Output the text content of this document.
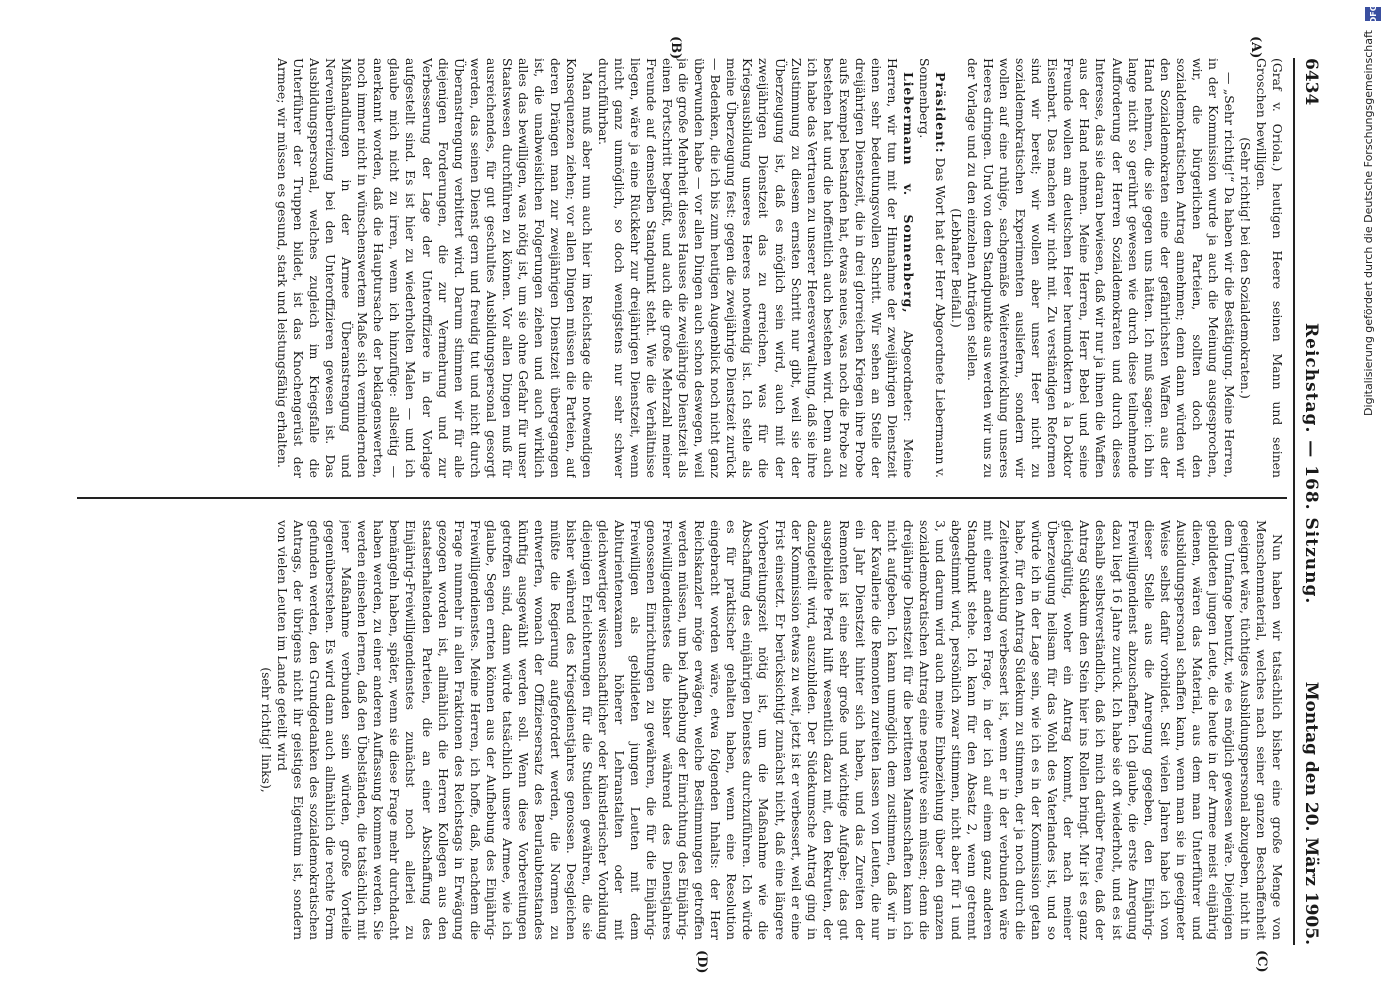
6434
Reichstag. — 168. Sitzung.
Montag den 20. März 1905.
(A)
(B)
(C)
(D)

(Graf v. Oriola.) heutigen Heere seinen Mann und seinen Groschen bewilligen.

(Sehr richtig! bei den Sozialdemokraten.)

— „Sehr richtig!“ Da haben wir die Bestätigung. Meine Herren, in der Kommission wurde ja auch die Meinung ausgesprochen, wir, die bürgerlichen Parteien, sollten doch den sozialdemokratischen Antrag annehmen; denn dann würden wir den Sozialdemokraten eine der gefährlichsten Waffen aus der Hand nehmen, die sie gegen uns hätten. Ich muß sagen: ich bin lange nicht so gerührt gewesen wie durch diese teilnehmende Aufforderung der Herren Sozialdemokraten und durch dieses Interesse, das sie daran bewiesen, daß wir nur ja ihnen die Waffen aus der Hand nehmen. Meine Herren, Herr Bebel und seine Freunde wollen am deutschen Heer herumdoktern à la Doktor Eisenbart. Das machen wir nicht mit. Zu verständigen Reformen sind wir bereit; wir wollen aber unser Heer nicht zu sozialdemokratischen Experimenten ausliefern, sondern wir wollen auf eine ruhige, sachgemäße Weiterentwicklung unseres Heeres dringen. Und von dem Standpunkte aus werden wir uns zu der Vorlage und zu den einzelnen Anträgen stellen.

(Lebhafter Beifall.)

Präsident: Das Wort hat der Herr Abgeordnete Liebermann v. Sonnenberg.

Liebermann v. Sonnenberg, Abgeordneter: Meine Herren, wir tun mit der Hinnahme der zweijährigen Dienstzeit einen sehr bedeutungsvollen Schritt. Wir sehen an Stelle der dreijährigen Dienstzeit, die in drei glorreichen Kriegen ihre Probe aufs Exempel bestanden hat, etwas neues, was noch die Probe zu bestehen hat und die hoffentlich auch bestehen wird. Denn auch ich habe das Vertrauen zu unserer Heeresverwaltung, daß sie ihre Zustimmung zu diesem ernsten Schritt nur gibt, weil sie der Überzeugung ist, daß es möglich sein wird, auch mit der zweijährigen Dienstzeit das zu erreichen, was für die Kriegsausbildung unseres Heeres notwendig ist. Ich stelle als meine Überzeugung fest: gegen die zweijährige Dienstzeit zurück — Bedenken, die ich bis zum heutigen Augenblick noch nicht ganz überwunden habe — vor allen Dingen auch schon deswegen, weil ja die große Mehrheit dieses Hauses die zweijährige Dienstzeit als einen Fortschritt begrüßt, und auch die große Mehrzahl meiner Freunde auf demselben Standpunkt steht. Wie die Verhältnisse liegen, wäre ja eine Rückkehr zur dreijährigen Dienstzeit, wenn nicht ganz unmöglich, so doch wenigstens nur sehr schwer durchführbar.

Man muß aber nun auch hier im Reichstage die notwendigen Konsequenzen ziehen; vor allen Dingen müssen die Parteien, auf deren Drängen man zur zweijährigen Dienstzeit übergegangen ist, die unabweislichen Folgerungen ziehen und auch wirklich alles das bewilligen, was nötig ist, um sie ohne Gefahr für unser Staatswesen durchführen zu können. Vor allen Dingen muß für ausreichendes, für gut geschultes Ausbildungspersonal gesorgt werden, das seinen Dienst gern und freudig tut und nicht durch Überanstrengung verbittert wird. Darum stimmen wir für alle diejenigen Forderungen, die zur Vermehrung und zur Verbesserung der Lage der Unteroffiziere in der Vorlage aufgestellt sind. Es ist hier zu wiederholten Malen — und ich glaube mich nicht zu irren, wenn ich hinzufüge: allseitig — anerkannt worden, daß die Hauptursache der beklagenswerten, noch immer nicht in wünschenswertem Maße sich vermindernden Mißhandlungen in der Armee Überanstrengung und Nervenüberreizung bei den Unteroffizieren gewesen ist. Das Ausbildungspersonal, welches zugleich im Kriegsfalle die Unterführer der Truppen bildet, ist das Knochengerüst der Armee; wir müssen es gesund, stark und leistungsfähig erhalten.

Nun haben wir tatsächlich bisher eine große Menge von Menschenmaterial, welches nach seiner ganzen Beschaffenheit geeignet wäre, tüchtiges Ausbildungspersonal abzugeben, nicht in dem Umfange benutzt, wie es möglich gewesen wäre. Diejenigen gebildeten jungen Leute, die heute in der Armee meist einjährig dienen, wären das Material, aus dem man Unterführer und Ausbildungspersonal schaffen kann, wenn man sie in geeigneter Weise selbst dafür vorbildet. Seit vielen Jahren habe ich von dieser Stelle aus die Anregung gegeben, den Einjährig-Freiwilligendienst abzuschaffen. Ich glaube, die erste Anregung dazu liegt 16 Jahre zurück. Ich habe sie oft wiederholt, und es ist deshalb selbstverständlich, daß ich mich darüber freue, daß der Antrag Südekum den Stein hier ins Rollen bringt. Mir ist es ganz gleichgültig, woher ein Antrag kommt, der nach meiner Überzeugung heilsam für das Wohl des Vaterlandes ist, und so würde ich in der Lage sein, wie ich es in der Kommission getan habe, für den Antrag Südekum zu stimmen, der ja noch durch die Zeitentwicklung verbessert ist, wenn er in der verbunden wäre mit einer anderen Frage, in der ich auf einem ganz anderen Standpunkt stehe. Ich kann für den Absatz 2, wenn getrennt abgestimmt wird, persönlich zwar stimmen, nicht aber für 1 und 3, und darum wird auch meine Einbeziehung über den ganzen sozialdemokratischen Antrag eine negative sein müssen; denn die dreijährige Dienstzeit für die berittenen Mannschaften kann ich nicht aufgeben. Ich kann unmöglich dem zustimmen, daß wir in der Kavallerie die Remonten zureiten lassen von Leuten, die nur ein Jahr Dienstzeit hinter sich haben, und das Zureiten der Remonten ist eine sehr große und wichtige Aufgabe; das gut ausgebildete Pferd hilft wesentlich dazu mit, den Rekruten, der dazugeteilt wird, auszubilden. Der Südekumsche Antrag ging in der Kommission etwas zu weit, jetzt ist er verbessert, weil er eine Frist einsetzt. Er berücksichtigt zunächst nicht, daß eine längere Vorbereitungszeit nötig ist, um die Maßnahme wie die Abschaffung des einjährigen Dienstes durchzuführen. Ich würde es für praktischer gehalten haben, wenn eine Resolution eingebracht worden wäre, etwa folgenden Inhalts: der Herr Reichskanzler möge erwägen, welche Bestimmungen getroffen werden müssen, um bei Aufhebung der Einrichtung des Einjährig-Freiwilligendienstes die bisher während des Dienstjahres genossenen Einrichtungen zu gewähren, die für die Einjährig-Freiwilligen als gebildeten jungen Leuten mit dem Abiturientenexamen höherer Lehranstalten oder mit gleichwertiger wissenschaftlicher oder künstlerischer Vorbildung diejenigen Erleichterungen für die Studien gewähren, die sie bisher während des Kriegsdienstjahres genossen. Desgleichen müßte die Regierung aufgefordert werden, die Normen zu entwerfen, wonach der Offiziersersatz des Beurlaubtenstandes künftig ausgewählt werden soll. Wenn diese Vorbereitungen getroffen sind, dann würde tatsächlich unsere Armee, wie ich glaube, Segen ernten können aus der Aufhebung des Einjährig-Freiwilligendienstes. Meine Herren, ich hoffe, daß, nachdem die Frage nunmehr in allen Fraktionen des Reichstags in Erwägung gezogen worden ist, allmählich die Herren Kollegen aus den staatserhaltenden Parteien, die an einer Abschaffung des Einjährig-Freiwilligendienstes zunächst noch allerlei zu bemängeln haben, später, wenn sie diese Frage mehr durchdacht haben werden, zu einer anderen Auffassung kommen werden. Sie werden einsehen lernen, daß den Übelständen, die tatsächlich mit jener Maßnahme verbunden sein würden, große Vorteile gegenüberstehen. Es wird dann auch allmählich die rechte Form gefunden werden, den Grundgedanken des sozialdemokratischen Antrags, der übrigens nicht ihr geistiges Eigentum ist, sondern von vielen Leuten im Lande geteilt wird

(sehr richtig! links),

Digitalisierung gefördert durch die Deutsche Forschungsgemeinschaft
DFG
